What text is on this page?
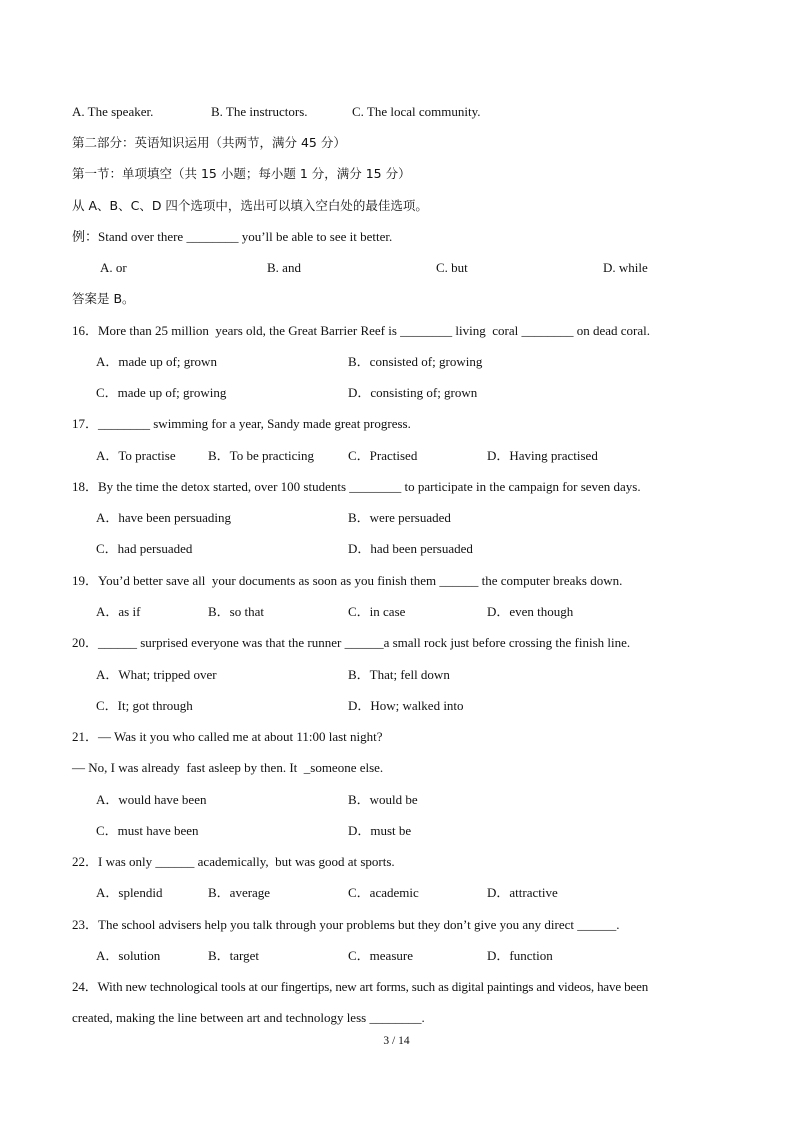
A. The speaker.	B. The instructors.	C. The local community.
第二部分：英语知识运用（共两节，满分 45 分）
第一节：单项填空（共 15 小题；每小题 1 分，满分 15 分）
从 A、B、C、D 四个选项中，选出可以填入空白处的最佳选项。
例：Stand over there ________ you’ll be able to see it better.
A. or	B. and	C. but	D. while
答案是 B。
16．More than 25 million  years old, the Great Barrier Reef is ________ living  coral ________ on dead coral.
A．made up of; grown	B．consisted of; growing
C．made up of; growing	D．consisting of; grown
17．________ swimming for a year, Sandy made great progress.
A．To practise B．To be practicing	C．Practised	D．Having practised
18．By the time the detox started, over 100 students ________ to participate in the campaign for seven days.
A．have been persuading	B．were persuaded
C．had persuaded	D．had been persuaded
19．You’d better save all  your documents as soon as you finish them ______ the computer breaks down.
A．as if	B．so that	C．in case	D．even though
20．______ surprised everyone was that the runner ______a small rock just before crossing the finish line.
A．What; tripped over	B．That; fell down
C．It; got through	D．How; walked into
21．— Was it you who called me at about 11:00 last night?
— No, I was already  fast asleep by then. It  _someone else.
A．would have been	B．would be
C．must have been	D．must be
22．I was only ______ academically,  but was good at sports.
A．splendid	B．average	C．academic	D．attractive
23．The school advisers help you talk through your problems but they don’t give you any direct ______.
A．solution	B．target	C．measure	D．function
24．With new technological tools at our fingertips, new art forms, such as digital paintings and videos, have been
created, making the line between art and technology less ________.
3 / 14
